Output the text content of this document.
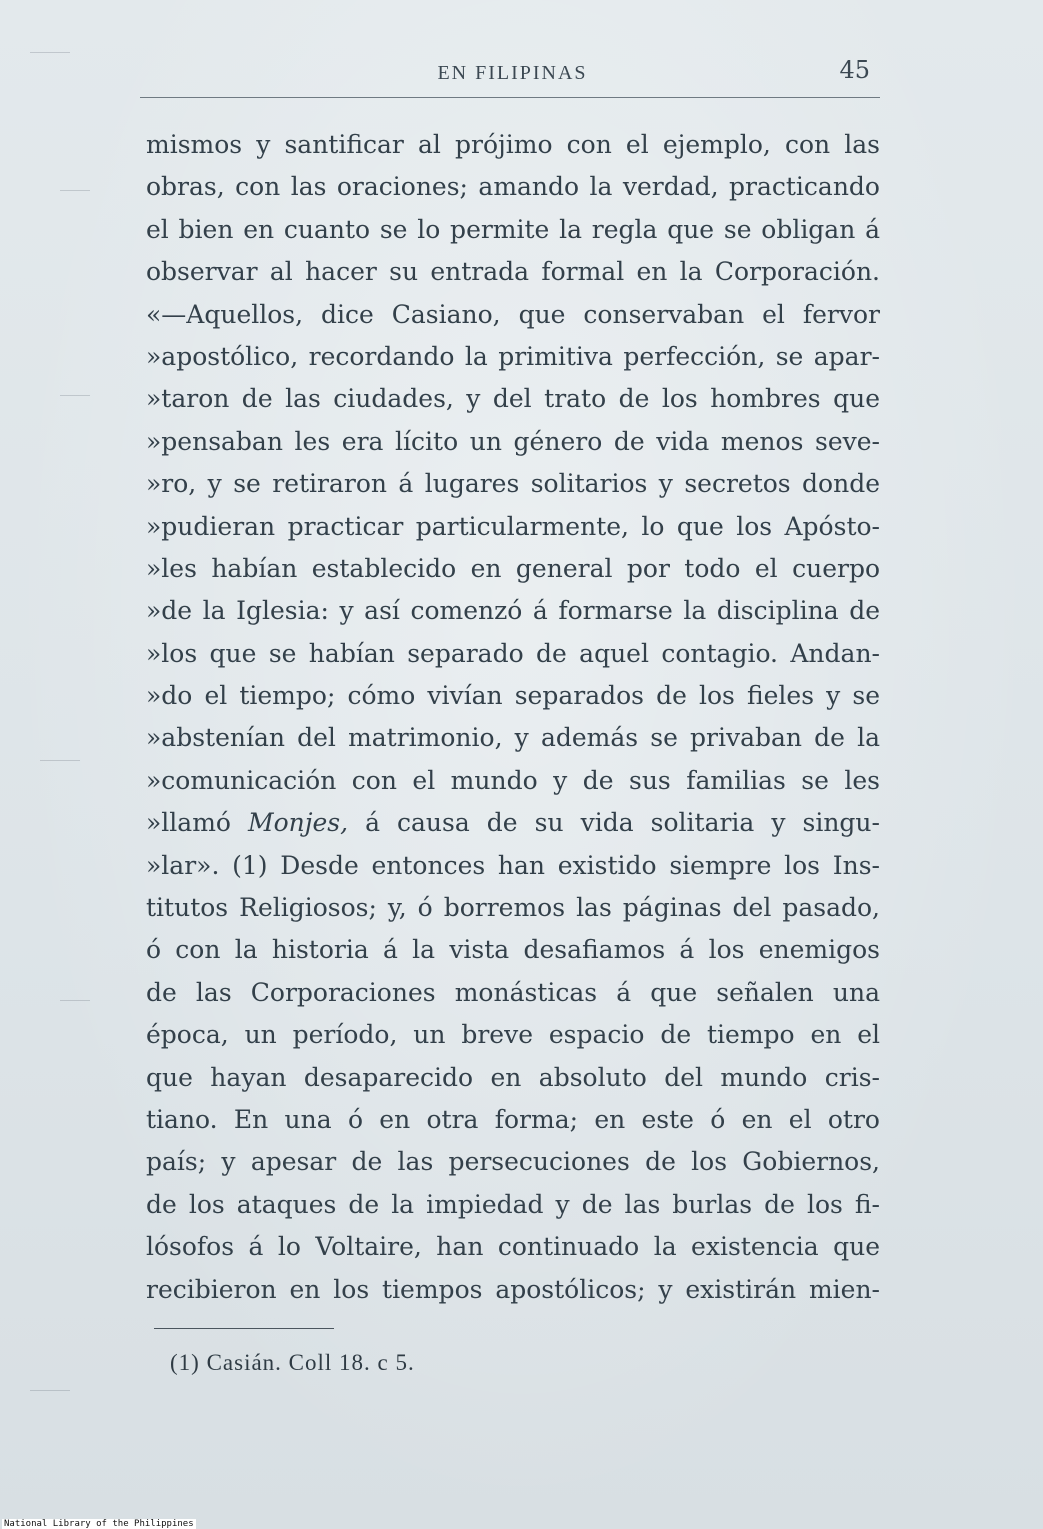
EN FILIPINAS	45
mismos y santificar al prójimo con el ejemplo, con las
obras, con las oraciones; amando la verdad, practicando
el bien en cuanto se lo permite la regla que se obligan á
observar al hacer su entrada formal en la Corporación.
«—Aquellos, dice Casiano, que conservaban el fervor
»apostólico, recordando la primitiva perfección, se apar-
»taron de las ciudades, y del trato de los hombres que
»pensaban les era lícito un género de vida menos seve-
»ro, y se retiraron á lugares solitarios y secretos donde
»pudieran practicar particularmente, lo que los Apósto-
»les habían establecido en general por todo el cuerpo
»de la Iglesia: y así comenzó á formarse la disciplina de
»los que se habían separado de aquel contagio. Andan-
»do el tiempo; cómo vivían separados de los fieles y se
»abstenían del matrimonio, y además se privaban de la
»comunicación con el mundo y de sus familias se les
»llamó Monjes, á causa de su vida solitaria y singu-
»lar». (1) Desde entonces han existido siempre los Ins-
titutos Religiosos; y, ó borremos las páginas del pasado,
ó con la historia á la vista desafiamos á los enemigos
de las Corporaciones monásticas á que señalen una
época, un período, un breve espacio de tiempo en el
que hayan desaparecido en absoluto del mundo cris-
tiano. En una ó en otra forma; en este ó en el otro
país; y apesar de las persecuciones de los Gobiernos,
de los ataques de la impiedad y de las burlas de los fi-
lósofos á lo Voltaire, han continuado la existencia que
recibieron en los tiempos apostólicos; y existirán mien-
(1) Casián. Coll 18. c 5.
National Library of the Philippines
